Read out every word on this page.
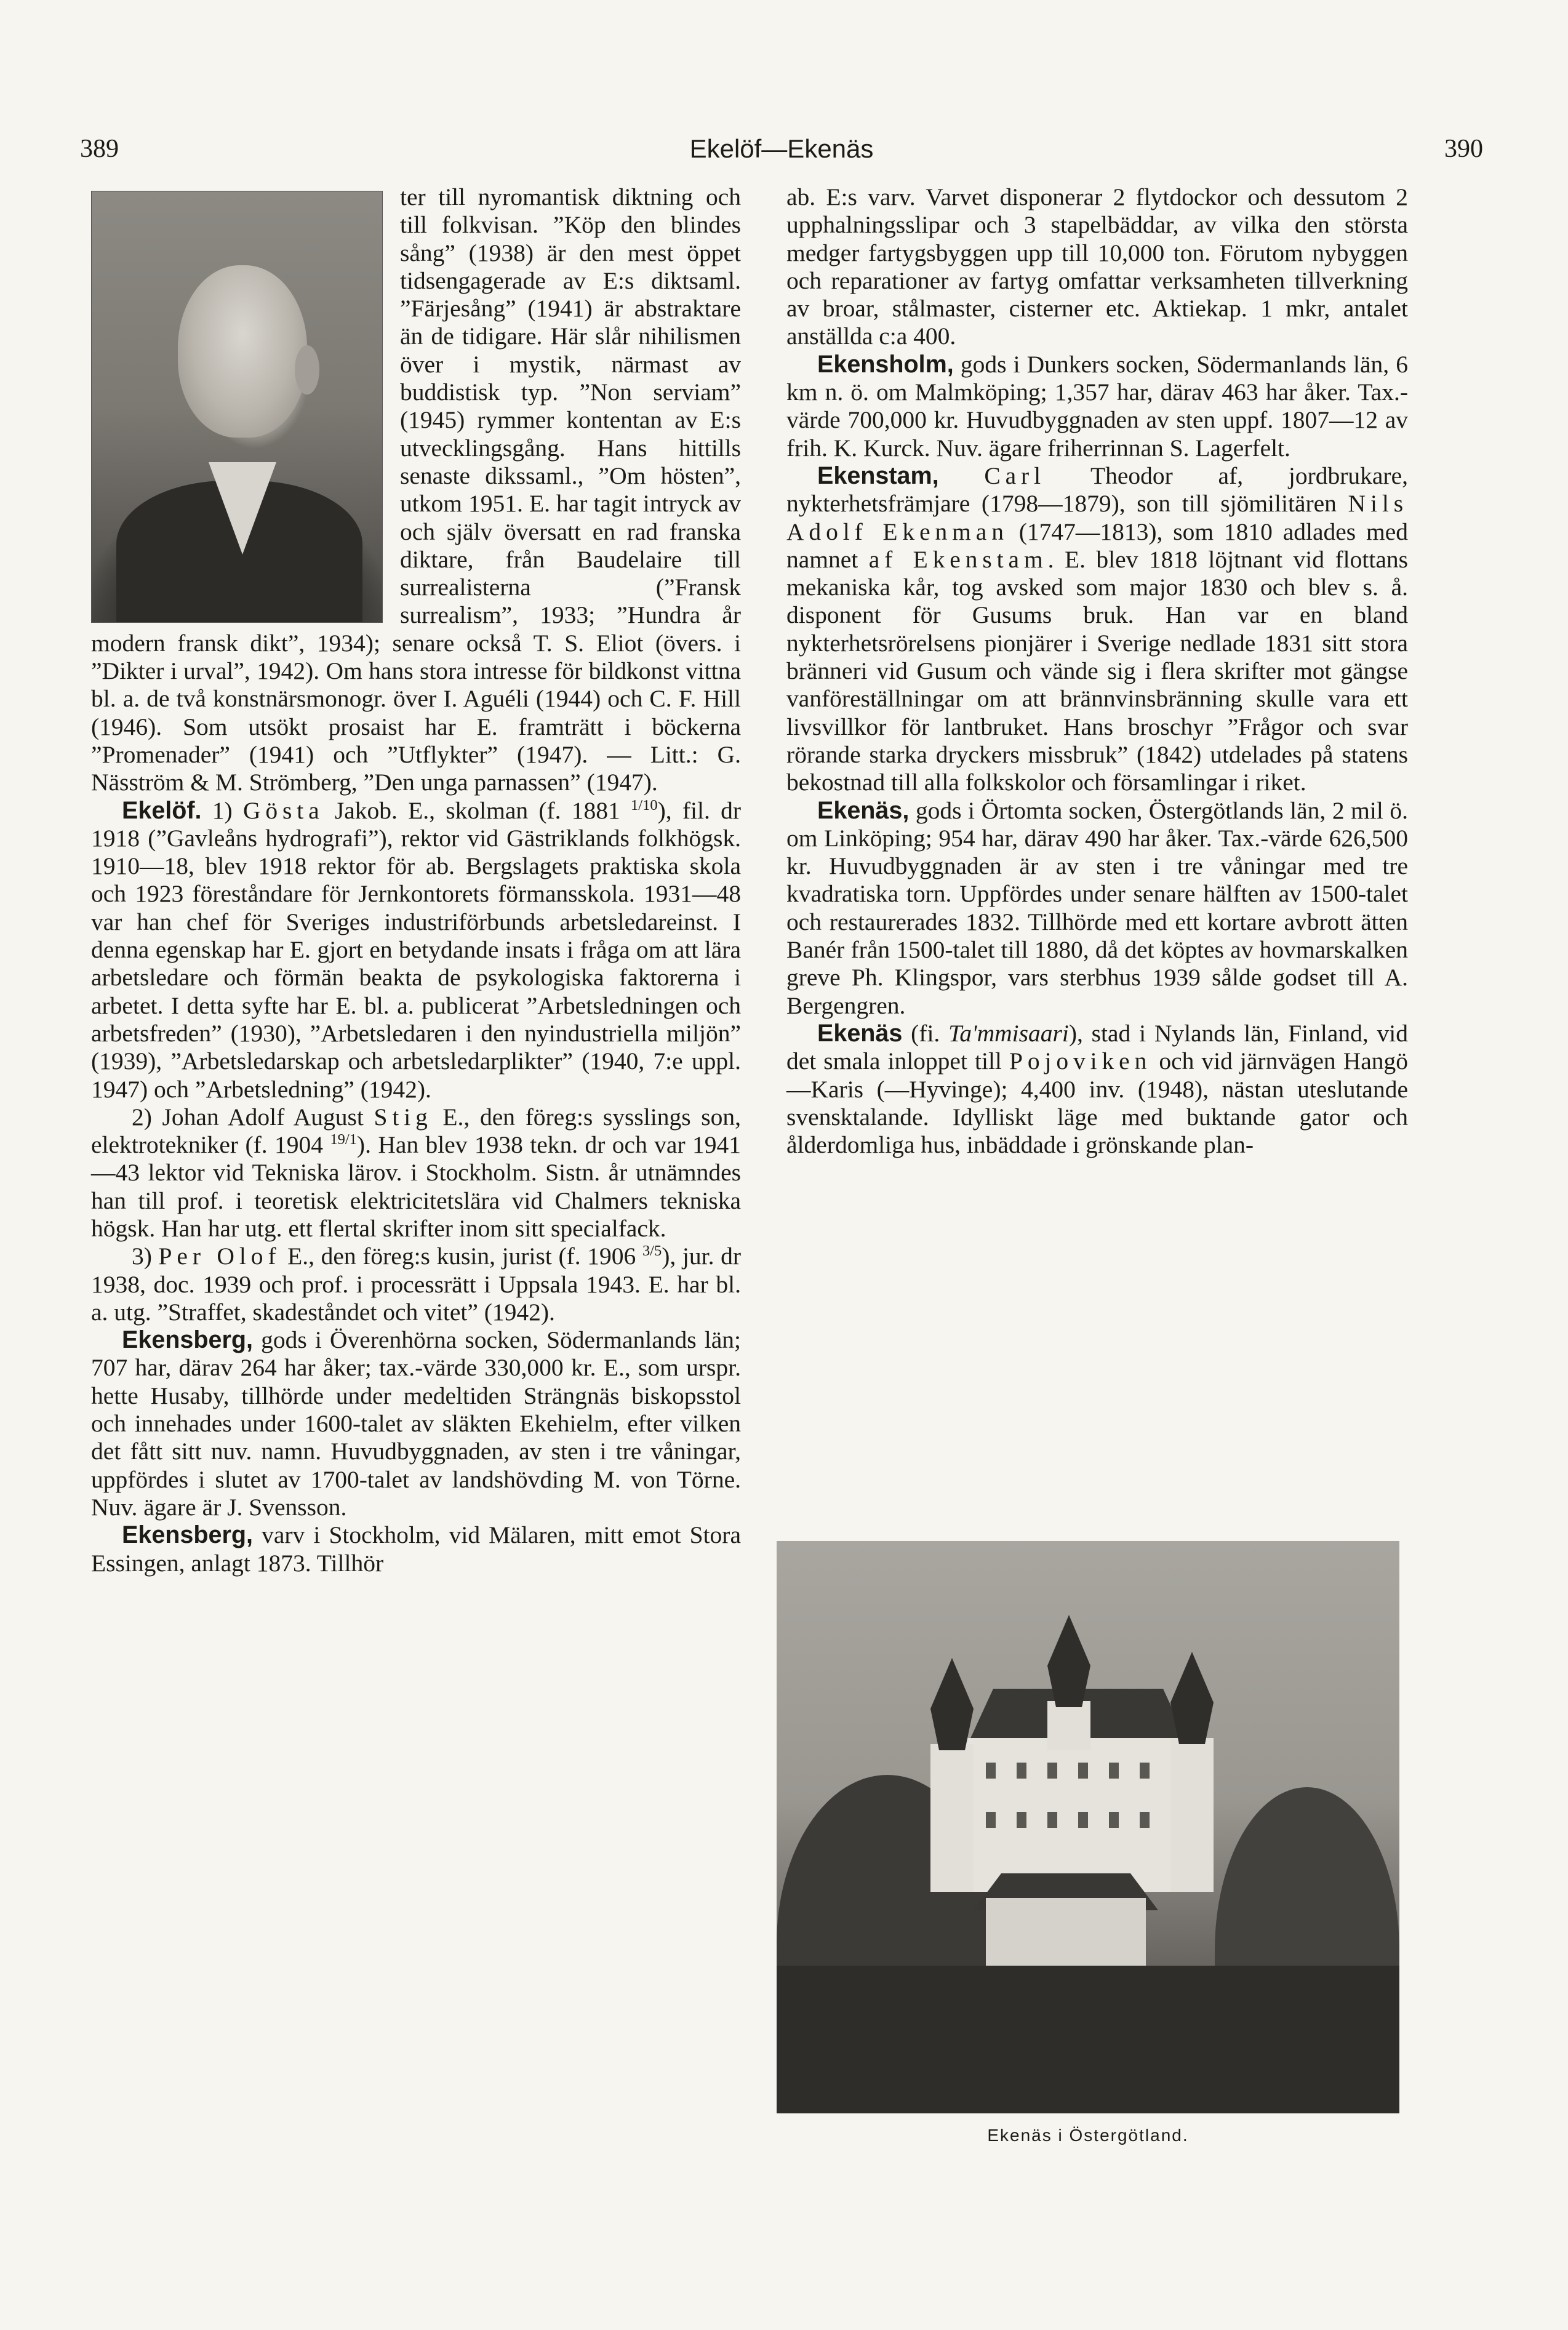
389	Ekelöf—Ekenäs	390

ter till nyromantisk diktning och till folkvisan. ”Köp den blindes sång” (1938) är den mest öppet tidsengagerade av E:s diktsaml. ”Färjesång” (1941) är abstraktare än de tidigare. Här slår nihilismen över i mystik, närmast av buddistisk typ. ”Non serviam” (1945) rymmer kontentan av E:s utvecklingsgång. Hans hittills senaste dikssaml., ”Om hösten”, utkom 1951. E. har tagit intryck av och själv översatt en rad franska diktare, från Baudelaire till surrealisterna (”Fransk surrealism”, 1933; ”Hundra år modern fransk dikt”, 1934); senare också T. S. Eliot (övers. i ”Dikter i urval”, 1942). Om hans stora intresse för bildkonst vittna bl. a. de två konstnärsmonogr. över I. Aguéli (1944) och C. F. Hill (1946). Som utsökt prosaist har E. framträtt i böckerna ”Promenader” (1941) och ”Utflykter” (1947). — Litt.: G. Näsström & M. Strömberg, ”Den unga parnassen” (1947).

Ekelöf. 1) Gösta Jakob. E., skolman (f. 1881 $^{1/10}$), fil. dr 1918 (”Gavleåns hydrografi”), rektor vid Gästriklands folkhögsk. 1910—18, blev 1918 rektor för ab. Bergslagets praktiska skola och 1923 föreståndare för Jernkontorets förmansskola. 1931—48 var han chef för Sveriges industriförbunds arbetsledareinst. I denna egenskap har E. gjort en betydande insats i fråga om att lära arbetsledare och förmän beakta de psykologiska faktorerna i arbetet. I detta syfte har E. bl. a. publicerat ”Arbetsledningen och arbetsfreden” (1930), ”Arbetsledaren i den nyindustriella miljön” (1939), ”Arbetsledarskap och arbetsledarplikter” (1940, 7:e uppl. 1947) och ”Arbetsledning” (1942).

2) Johan Adolf August Stig E., den föreg:s sysslings son, elektrotekniker (f. 1904 $^{19/1}$). Han blev 1938 tekn. dr och var 1941—43 lektor vid Tekniska lärov. i Stockholm. Sistn. år utnämndes han till prof. i teoretisk elektricitetslära vid Chalmers tekniska högsk. Han har utg. ett flertal skrifter inom sitt specialfack.

3) Per Olof E., den föreg:s kusin, jurist (f. 1906 $^{3/5}$), jur. dr 1938, doc. 1939 och prof. i processrätt i Uppsala 1943. E. har bl. a. utg. ”Straffet, skadeståndet och vitet” (1942).

Ekensberg, gods i Överenhörna socken, Södermanlands län; 707 har, därav 264 har åker; tax.-värde 330,000 kr. E., som urspr. hette Husaby, tillhörde under medeltiden Strängnäs biskopsstol och innehades under 1600-talet av släkten Ekehielm, efter vilken det fått sitt nuv. namn. Huvudbyggnaden, av sten i tre våningar, uppfördes i slutet av 1700-talet av landshövding M. von Törne. Nuv. ägare är J. Svensson.

Ekensberg, varv i Stockholm, vid Mälaren, mitt emot Stora Essingen, anlagt 1873. Tillhör

ab. E:s varv. Varvet disponerar 2 flytdockor och dessutom 2 upphalningsslipar och 3 stapelbäddar, av vilka den största medger fartygsbyggen upp till 10,000 ton. Förutom nybyggen och reparationer av fartyg omfattar verksamheten tillverkning av broar, stålmaster, cisterner etc. Aktiekap. 1 mkr, antalet anställda c:a 400.

Ekensholm, gods i Dunkers socken, Södermanlands län, 6 km n. ö. om Malmköping; 1,357 har, därav 463 har åker. Tax.-värde 700,000 kr. Huvudbyggnaden av sten uppf. 1807—12 av frih. K. Kurck. Nuv. ägare friherrinnan S. Lagerfelt.

Ekenstam, Carl Theodor af, jordbrukare, nykterhetsfrämjare (1798—1879), son till sjömilitären Nils Adolf Ekenman (1747—1813), som 1810 adlades med namnet af Ekenstam. E. blev 1818 löjtnant vid flottans mekaniska kår, tog avsked som major 1830 och blev s. å. disponent för Gusums bruk. Han var en bland nykterhetsrörelsens pionjärer i Sverige nedlade 1831 sitt stora bränneri vid Gusum och vände sig i flera skrifter mot gängse vanföreställningar om att brännvinsbränning skulle vara ett livsvillkor för lantbruket. Hans broschyr ”Frågor och svar rörande starka dryckers missbruk” (1842) utdelades på statens bekostnad till alla folkskolor och församlingar i riket.

Ekenäs, gods i Örtomta socken, Östergötlands län, 2 mil ö. om Linköping; 954 har, därav 490 har åker. Tax.-värde 626,500 kr. Huvudbyggnaden är av sten i tre våningar med tre kvadratiska torn. Uppfördes under senare hälften av 1500-talet och restaurerades 1832. Tillhörde med ett kortare avbrott ätten Banér från 1500-talet till 1880, då det köptes av hovmarskalken greve Ph. Klingspor, vars sterbhus 1939 sålde godset till A. Bergengren.

Ekenäs (fi. Ta'mmisaari), stad i Nylands län, Finland, vid det smala inloppet till Pojoviken och vid järnvägen Hangö—Karis (—Hyvinge); 4,400 inv. (1948), nästan uteslutande svensktalande. Idylliskt läge med buktande gator och ålderdomliga hus, inbäddade i grönskande plan-

Ekenäs i Östergötland.
